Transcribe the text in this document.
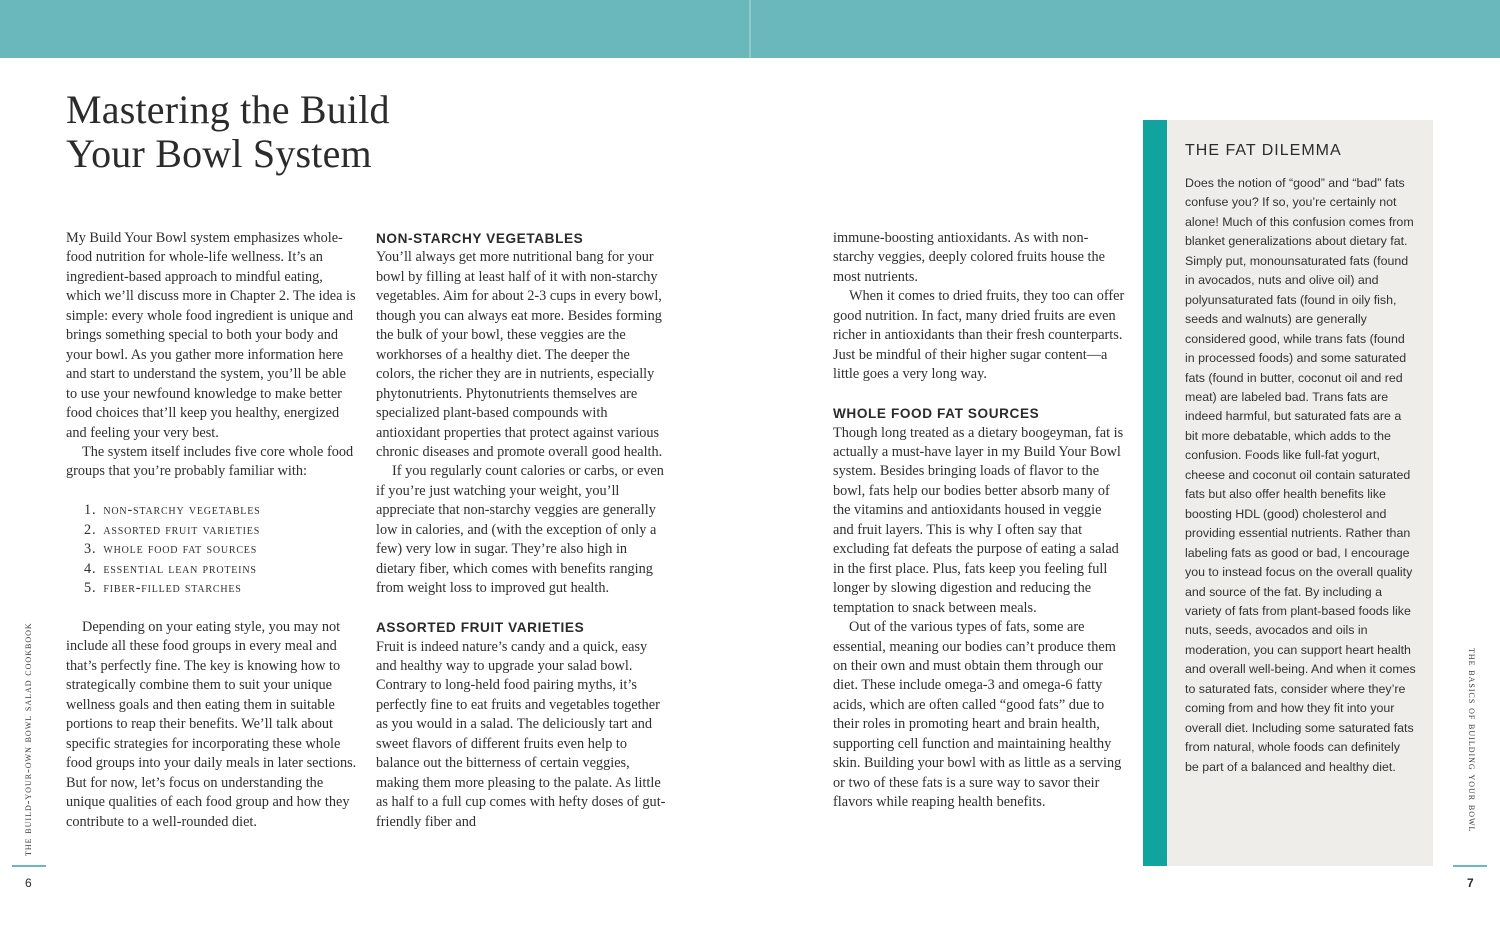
Mastering the Build
Your Bowl System

My Build Your Bowl system emphasizes whole-food nutrition for whole-life wellness. It’s an ingredient-based approach to mindful eating, which we’ll discuss more in Chapter 2. The idea is simple: every whole food ingredient is unique and brings something special to both your body and your bowl. As you gather more information here and start to understand the system, you’ll be able to use your newfound knowledge to make better food choices that’ll keep you healthy, energized and feeling your very best.

The system itself includes five core whole food groups that you’re probably familiar with:

1. non-starchy vegetables
2. assorted fruit varieties
3. whole food fat sources
4. essential lean proteins
5. fiber-filled starches

Depending on your eating style, you may not include all these food groups in every meal and that’s perfectly fine. The key is knowing how to strategically combine them to suit your unique wellness goals and then eating them in suitable portions to reap their benefits. We’ll talk about specific strategies for incorporating these whole food groups into your daily meals in later sections. But for now, let’s focus on understanding the unique qualities of each food group and how they contribute to a well-rounded diet.

NON-STARCHY VEGETABLES

You’ll always get more nutritional bang for your bowl by filling at least half of it with non-starchy vegetables. Aim for about 2-3 cups in every bowl, though you can always eat more. Besides forming the bulk of your bowl, these veggies are the workhorses of a healthy diet. The deeper the colors, the richer they are in nutrients, especially phytonutrients. Phytonutrients themselves are specialized plant-based compounds with antioxidant properties that protect against various chronic diseases and promote overall good health.

If you regularly count calories or carbs, or even if you’re just watching your weight, you’ll appreciate that non-starchy veggies are generally low in calories, and (with the exception of only a few) very low in sugar. They’re also high in dietary fiber, which comes with benefits ranging from weight loss to improved gut health.

ASSORTED FRUIT VARIETIES

Fruit is indeed nature’s candy and a quick, easy and healthy way to upgrade your salad bowl. Contrary to long-held food pairing myths, it’s perfectly fine to eat fruits and vegetables together as you would in a salad. The deliciously tart and sweet flavors of different fruits even help to balance out the bitterness of certain veggies, making them more pleasing to the palate. As little as half to a full cup comes with hefty doses of gut-friendly fiber and

immune-boosting antioxidants. As with non-starchy veggies, deeply colored fruits house the most nutrients.

When it comes to dried fruits, they too can offer good nutrition. In fact, many dried fruits are even richer in antioxidants than their fresh counterparts. Just be mindful of their higher sugar content—a little goes a very long way.

WHOLE FOOD FAT SOURCES

Though long treated as a dietary boogeyman, fat is actually a must-have layer in my Build Your Bowl system. Besides bringing loads of flavor to the bowl, fats help our bodies better absorb many of the vitamins and antioxidants housed in veggie and fruit layers. This is why I often say that excluding fat defeats the purpose of eating a salad in the first place. Plus, fats keep you feeling full longer by slowing digestion and reducing the temptation to snack between meals.

Out of the various types of fats, some are essential, meaning our bodies can’t produce them on their own and must obtain them through our diet. These include omega-3 and omega-6 fatty acids, which are often called “good fats” due to their roles in promoting heart and brain health, supporting cell function and maintaining healthy skin. Building your bowl with as little as a serving or two of these fats is a sure way to savor their flavors while reaping health benefits.

THE FAT DILEMMA

Does the notion of “good” and “bad” fats confuse you? If so, you’re certainly not alone! Much of this confusion comes from blanket generalizations about dietary fat. Simply put, monounsaturated fats (found in avocados, nuts and olive oil) and polyunsaturated fats (found in oily fish, seeds and walnuts) are generally considered good, while trans fats (found in processed foods) and some saturated fats (found in butter, coconut oil and red meat) are labeled bad. Trans fats are indeed harmful, but saturated fats are a bit more debatable, which adds to the confusion. Foods like full-fat yogurt, cheese and coconut oil contain saturated fats but also offer health benefits like boosting HDL (good) cholesterol and providing essential nutrients. Rather than labeling fats as good or bad, I encourage you to instead focus on the overall quality and source of the fat. By including a variety of fats from plant-based foods like nuts, seeds, avocados and oils in moderation, you can support heart health and overall well-being. And when it comes to saturated fats, consider where they’re coming from and how they fit into your overall diet. Including some saturated fats from natural, whole foods can definitely be part of a balanced and healthy diet.

the build-your-own bowl salad cookbook	the basics of building your bowl
6	7
